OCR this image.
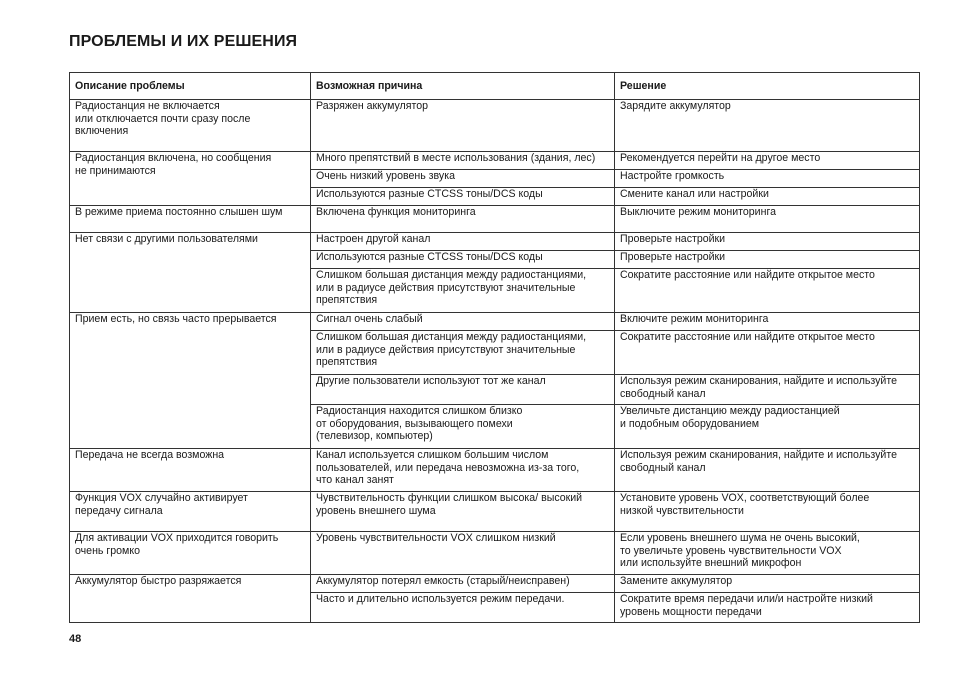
ПРОБЛЕМЫ И ИХ РЕШЕНИЯ
Описание проблемы	Возможная причина	Решение
Радиостанция не включается
или отключается почти сразу после
включения	Разряжен аккумулятор	Зарядите аккумулятор
Радиостанция включена, но сообщения
не принимаются	Много препятствий в месте использования (здания, лес)	Рекомендуется перейти на другое место
	Очень низкий уровень звука	Настройте громкость
	Используются разные CTCSS тоны/DCS коды	Смените канал или настройки
В режиме приема постоянно слышен шум	Включена функция мониторинга	Выключите режим мониторинга
Нет связи с другими пользователями	Настроен другой канал	Проверьте настройки
	Используются разные CTCSS тоны/DCS коды	Проверьте настройки
	Слишком большая дистанция между радиостанциями,
или в радиусе действия присутствуют значительные
препятствия	Сократите расстояние или найдите открытое место
Прием есть, но связь часто прерывается	Сигнал очень слабый	Включите режим мониторинга
	Слишком большая дистанция между радиостанциями,
или в радиусе действия присутствуют значительные
препятствия	Сократите расстояние или найдите открытое место
	Другие пользователи используют тот же канал	Используя режим сканирования, найдите и используйте
свободный канал
	Радиостанция находится слишком близко
от оборудования, вызывающего помехи
(телевизор, компьютер)	Увеличьте дистанцию между радиостанцией
и подобным оборудованием
Передача не всегда возможна	Канал используется слишком большим числом
пользователей, или передача невозможна из-за того,
что канал занят	Используя режим сканирования, найдите и используйте
свободный канал
Функция VOX случайно активирует
передачу сигнала	Чувствительность функции слишком высока/ высокий
уровень внешнего шума	Установите уровень VOX, соответствующий более
низкой чувствительности
Для активации VOX приходится говорить
очень громко	Уровень чувствительности VOX слишком низкий	Если уровень внешнего шума не очень высокий,
то увеличьте уровень чувствительности VOX
или используйте внешний микрофон
Аккумулятор быстро разряжается	Аккумулятор потерял емкость (старый/неисправен)	Замените аккумулятор
	Часто и длительно используется режим передачи.	Сократите время передачи или/и настройте низкий
уровень мощности передачи
48
